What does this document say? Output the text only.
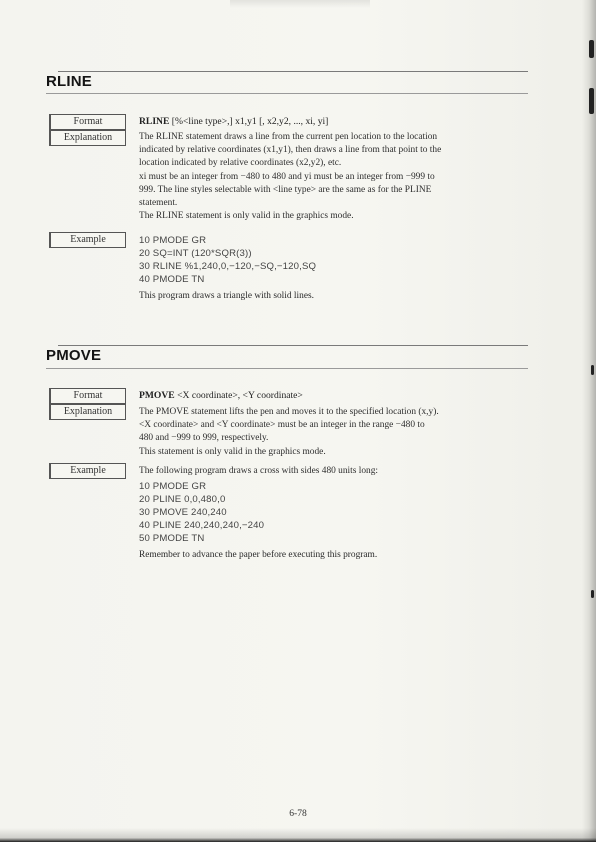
RLINE
Format
Explanation
Example
RLINE [%<line type>,] x1,y1 [, x2,y2, ..., xi, yi]
The RLINE statement draws a line from the current pen location to the location
indicated by relative coordinates (x1,y1), then draws a line from that point to the
location indicated by relative coordinates (x2,y2), etc.
xi must be an integer from −480 to 480 and yi must be an integer from −999 to
999. The line styles selectable with <line type> are the same as for the PLINE
statement.
The RLINE statement is only valid in the graphics mode.
10 PMODE GR
20 SQ=INT (120*SQR(3))
30 RLINE %1,240,0,−120,−SQ,−120,SQ
40 PMODE TN
This program draws a triangle with solid lines.
PMOVE
Format
Explanation
Example
PMOVE <X coordinate>, <Y coordinate>
The PMOVE statement lifts the pen and moves it to the specified location (x,y).
<X coordinate> and <Y coordinate> must be an integer in the range −480 to
480 and −999 to 999, respectively.
This statement is only valid in the graphics mode.
The following program draws a cross with sides 480 units long:
10 PMODE GR
20 PLINE 0,0,480,0
30 PMOVE 240,240
40 PLINE 240,240,240,−240
50 PMODE TN
Remember to advance the paper before executing this program.
6-78
